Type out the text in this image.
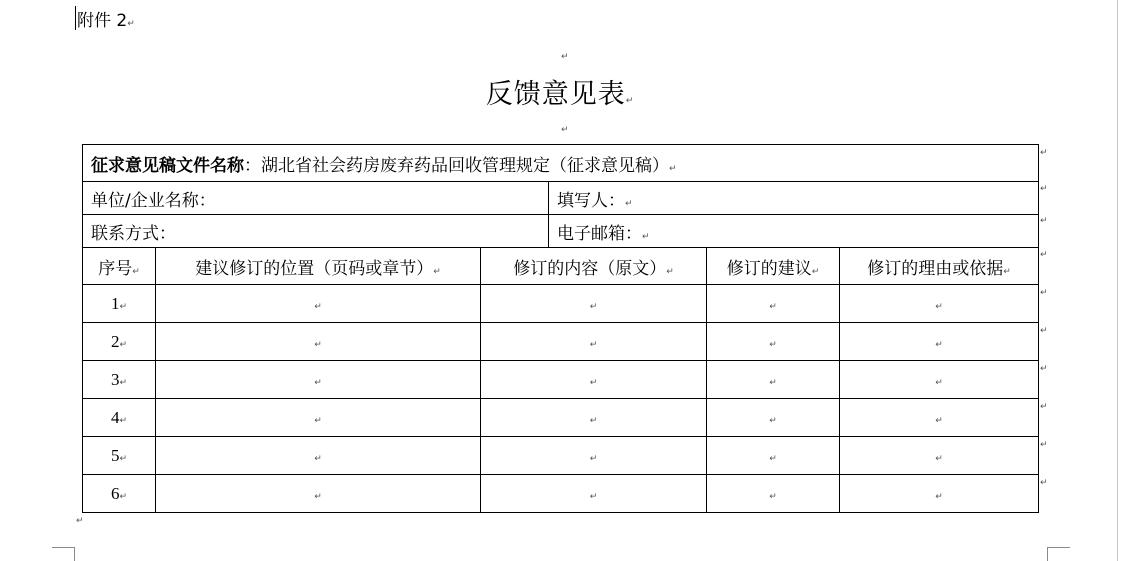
附件 2↵
↵
反馈意见表↵
↵
征求意见稿文件名称：湖北省社会药房废弃药品回收管理规定（征求意见稿）↵					
单位/企业名称：			填写人：↵		
联系方式：			电子邮箱：↵		
序号↵	建议修订的位置（页码或章节）↵	修订的内容（原文）↵		修订的建议↵	修订的理由或依据↵
1↵	↵	↵		↵	↵
2↵	↵	↵		↵	↵
3↵	↵	↵		↵	↵
4↵	↵	↵		↵	↵
5↵	↵	↵		↵	↵
6↵	↵	↵		↵	↵
↵
↵
↵
↵
↵
↵
↵
↵
↵
↵
↵
